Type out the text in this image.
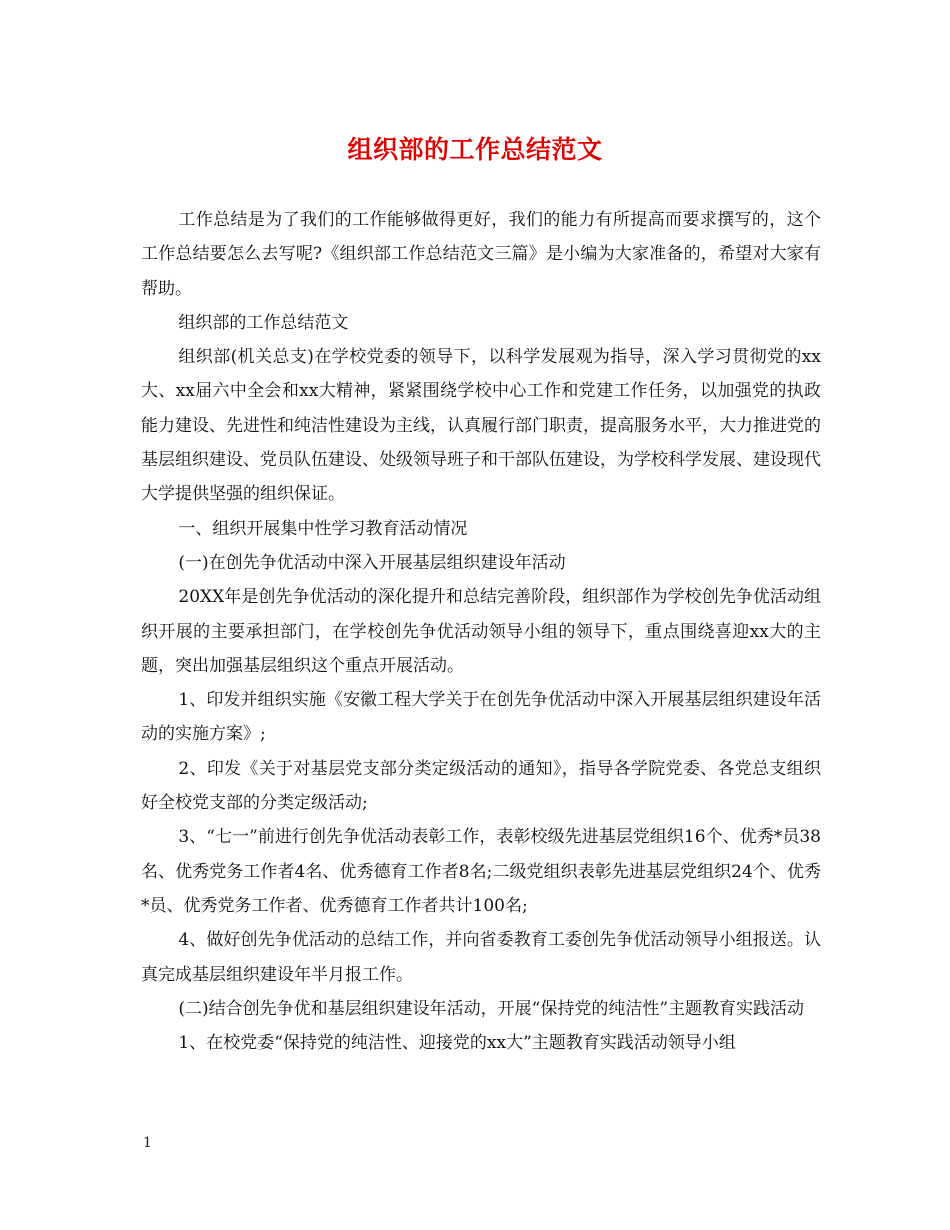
组织部的工作总结范文

工作总结是为了我们的工作能够做得更好，我们的能力有所提高而要求撰写的，这个工作总结要怎么去写呢?《组织部工作总结范文三篇》是小编为大家准备的，希望对大家有帮助。

组织部的工作总结范文

组织部(机关总支)在学校党委的领导下，以科学发展观为指导，深入学习贯彻党的xx大、xx届六中全会和xx大精神，紧紧围绕学校中心工作和党建工作任务，以加强党的执政能力建设、先进性和纯洁性建设为主线，认真履行部门职责，提高服务水平，大力推进党的基层组织建设、党员队伍建设、处级领导班子和干部队伍建设，为学校科学发展、建设现代大学提供坚强的组织保证。

一、组织开展集中性学习教育活动情况

(一)在创先争优活动中深入开展基层组织建设年活动

20XX年是创先争优活动的深化提升和总结完善阶段，组织部作为学校创先争优活动组织开展的主要承担部门，在学校创先争优活动领导小组的领导下，重点围绕喜迎xx大的主题，突出加强基层组织这个重点开展活动。

1、印发并组织实施《安徽工程大学关于在创先争优活动中深入开展基层组织建设年活动的实施方案》;

2、印发《关于对基层党支部分类定级活动的通知》，指导各学院党委、各党总支组织好全校党支部的分类定级活动;

3、“七一”前进行创先争优活动表彰工作，表彰校级先进基层党组织16个、优秀*员38名、优秀党务工作者4名、优秀德育工作者8名;二级党组织表彰先进基层党组织24个、优秀*员、优秀党务工作者、优秀德育工作者共计100名;

4、做好创先争优活动的总结工作，并向省委教育工委创先争优活动领导小组报送。认真完成基层组织建设年半月报工作。

(二)结合创先争优和基层组织建设年活动，开展“保持党的纯洁性”主题教育实践活动

1、在校党委“保持党的纯洁性、迎接党的xx大”主题教育实践活动领导小组

1
